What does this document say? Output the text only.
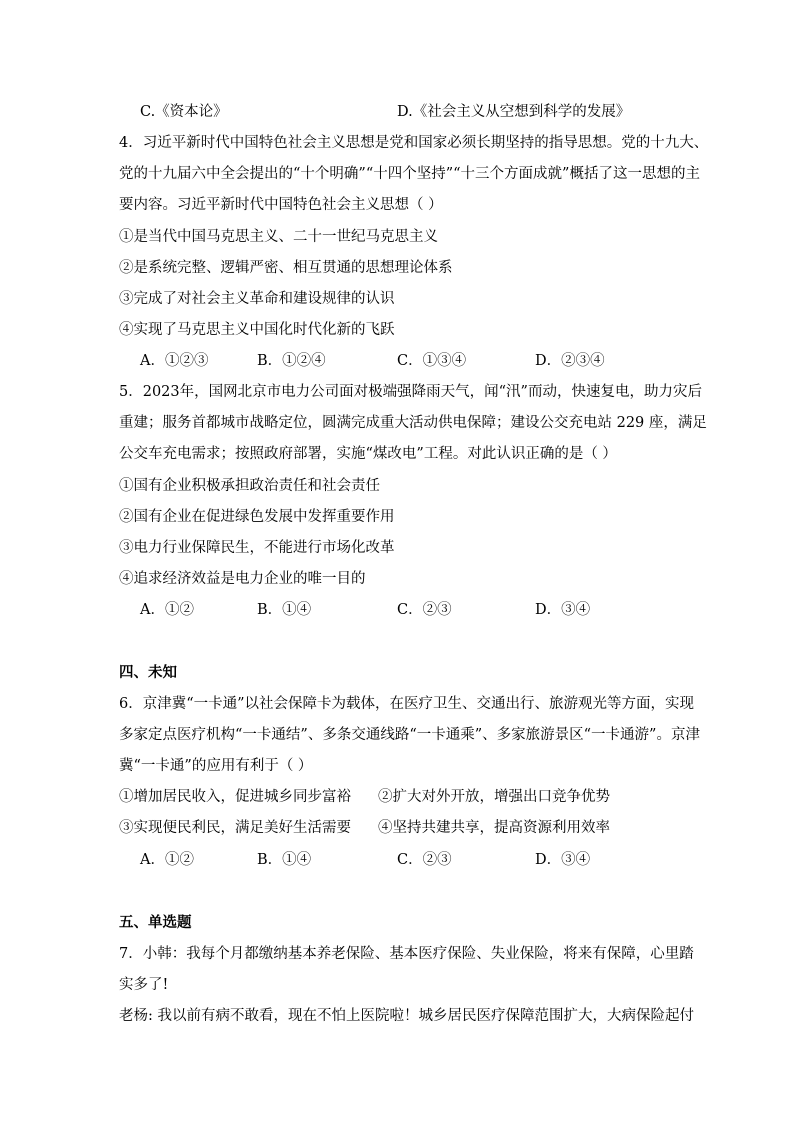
C.《资本论》	D.《社会主义从空想到科学的发展》
4．习近平新时代中国特色社会主义思想是党和国家必须长期坚持的指导思想。党的十九大、
党的十九届六中全会提出的“十个明确”“十四个坚持”“十三个方面成就”概括了这一思想的主
要内容。习近平新时代中国特色社会主义思想（ ）
①是当代中国马克思主义、二十一世纪马克思主义
②是系统完整、逻辑严密、相互贯通的思想理论体系
③完成了对社会主义革命和建设规律的认识
④实现了马克思主义中国化时代化新的飞跃
A．①②③	B．①②④	C．①③④	D．②③④
5．2023年，国网北京市电力公司面对极端强降雨天气，闻“汛”而动，快速复电，助力灾后
重建；服务首都城市战略定位，圆满完成重大活动供电保障；建设公交充电站 229 座，满足
公交车充电需求；按照政府部署，实施“煤改电”工程。对此认识正确的是（ ）
①国有企业积极承担政治责任和社会责任
②国有企业在促进绿色发展中发挥重要作用
③电力行业保障民生，不能进行市场化改革
④追求经济效益是电力企业的唯一目的
A．①②	B．①④	C．②③	D．③④
四、未知
6．京津冀“一卡通”以社会保障卡为载体，在医疗卫生、交通出行、旅游观光等方面，实现
多家定点医疗机构“一卡通结”、多条交通线路“一卡通乘”、多家旅游景区“一卡通游”。京津
冀“一卡通”的应用有利于（ ）
①增加居民收入，促进城乡同步富裕 ②扩大对外开放，增强出口竞争优势
③实现便民利民，满足美好生活需要 ④坚持共建共享，提高资源利用效率
A．①②	B．①④	C．②③	D．③④
五、单选题
7．小韩：我每个月都缴纳基本养老保险、基本医疗保险、失业保险，将来有保障，心里踏
实多了!
老杨: 我以前有病不敢看，现在不怕上医院啦！城乡居民医疗保障范围扩大，大病保险起付
